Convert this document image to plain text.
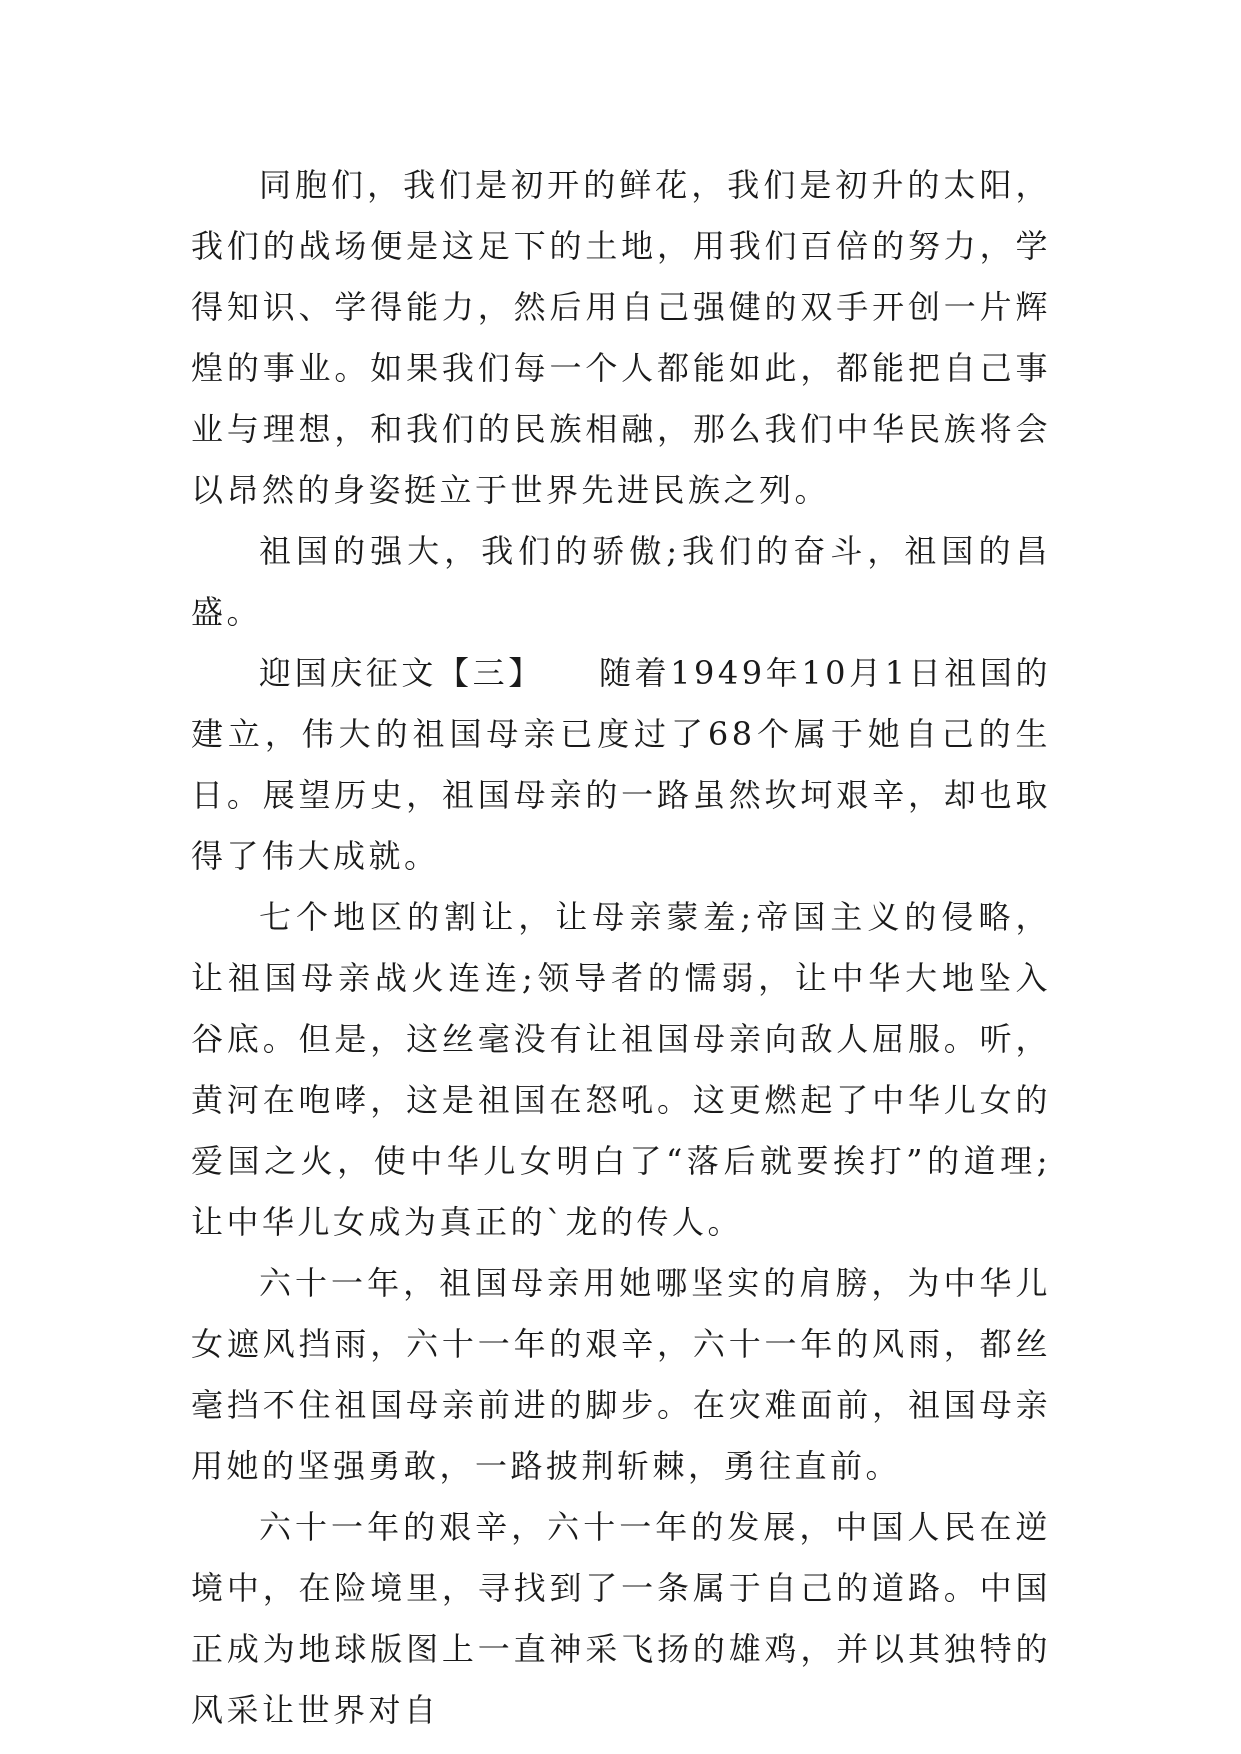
同胞们，我们是初开的鲜花，我们是初升的太阳，我们的战场便是这足下的土地，用我们百倍的努力，学得知识、学得能力，然后用自己强健的双手开创一片辉煌的事业。如果我们每一个人都能如此，都能把自己事业与理想，和我们的民族相融，那么我们中华民族将会以昂然的身姿挺立于世界先进民族之列。

祖国的强大，我们的骄傲;我们的奋斗，祖国的昌盛。

迎国庆征文【三】　　随着1949年10月1日祖国的建立，伟大的祖国母亲已度过了68个属于她自己的生日。展望历史，祖国母亲的一路虽然坎坷艰辛，却也取得了伟大成就。

七个地区的割让，让母亲蒙羞;帝国主义的侵略，让祖国母亲战火连连;领导者的懦弱，让中华大地坠入谷底。但是，这丝毫没有让祖国母亲向敌人屈服。听，黄河在咆哮，这是祖国在怒吼。这更燃起了中华儿女的爱国之火，使中华儿女明白了“落后就要挨打”的道理;让中华儿女成为真正的`龙的传人。

六十一年，祖国母亲用她哪坚实的肩膀，为中华儿女遮风挡雨，六十一年的艰辛，六十一年的风雨，都丝毫挡不住祖国母亲前进的脚步。在灾难面前，祖国母亲用她的坚强勇敢，一路披荆斩棘，勇往直前。

六十一年的艰辛，六十一年的发展，中国人民在逆境中，在险境里，寻找到了一条属于自己的道路。中国正成为地球版图上一直神采飞扬的雄鸡，并以其独特的风采让世界对自
